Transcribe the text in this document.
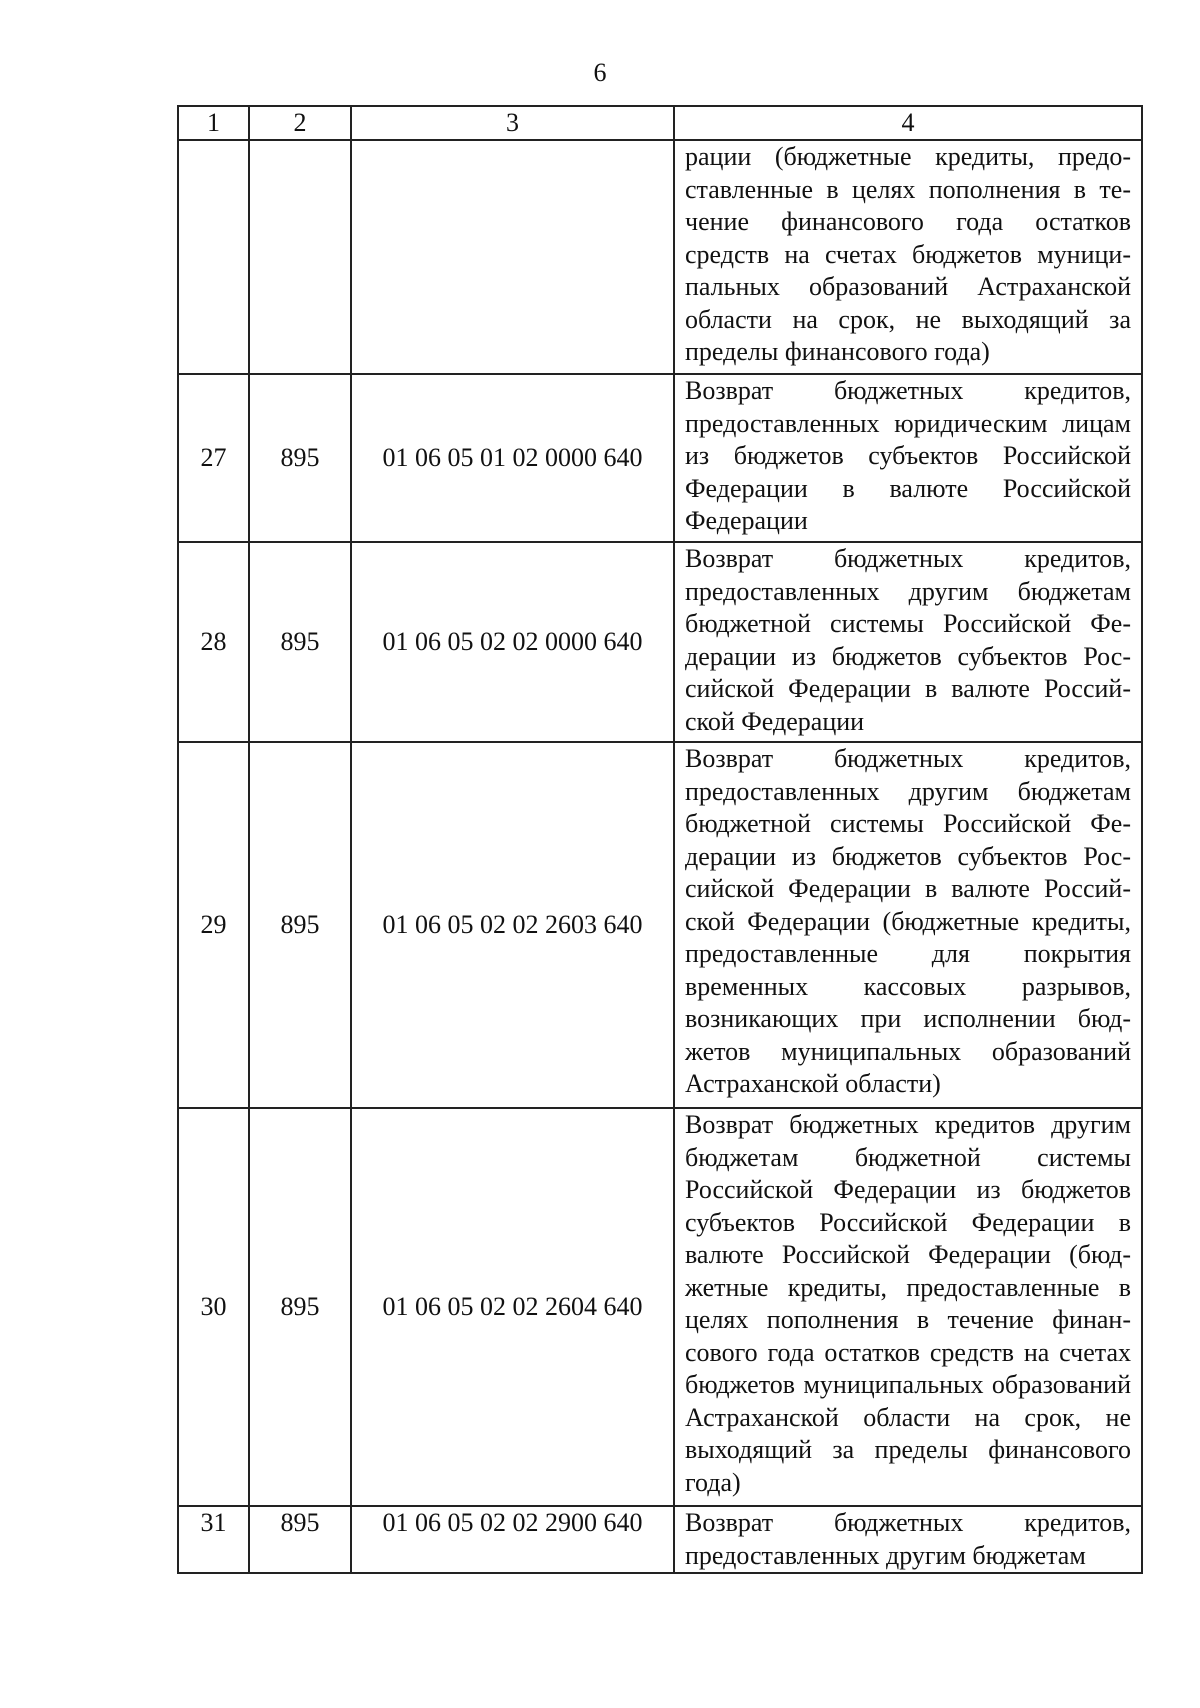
6
1	2	3	4
			рации (бюджетные кредиты, предоставленные в целях пополнения в течение финансового года остатков средств на счетах бюджетов муниципальных образований Астраханской области на срок, не выходящий за пределы финансового года)
27	895	01 06 05 01 02 0000 640	Возврат бюджетных кредитов, предоставленных юридическим лицам из бюджетов субъектов Российской Федерации в валюте Российской Федерации
28	895	01 06 05 02 02 0000 640	Возврат бюджетных кредитов, предоставленных другим бюджетам бюджетной системы Российской Федерации из бюджетов субъектов Российской Федерации в валюте Российской Федерации
29	895	01 06 05 02 02 2603 640	Возврат бюджетных кредитов, предоставленных другим бюджетам бюджетной системы Российской Федерации из бюджетов субъектов Российской Федерации в валюте Российской Федерации (бюджетные кредиты, предоставленные для покрытия временных кассовых разрывов, возникающих при исполнении бюджетов муниципальных образований Астраханской области)
30	895	01 06 05 02 02 2604 640	Возврат бюджетных кредитов другим бюджетам бюджетной системы Российской Федерации из бюджетов субъектов Российской Федерации в валюте Российской Федерации (бюджетные кредиты, предоставленные в целях пополнения в течение финансового года остатков средств на счетах бюджетов муниципальных образований Астраханской области на срок, не выходящий за пределы финансового года)
31	895	01 06 05 02 02 2900 640	Возврат бюджетных кредитов, предоставленных другим бюджетам
